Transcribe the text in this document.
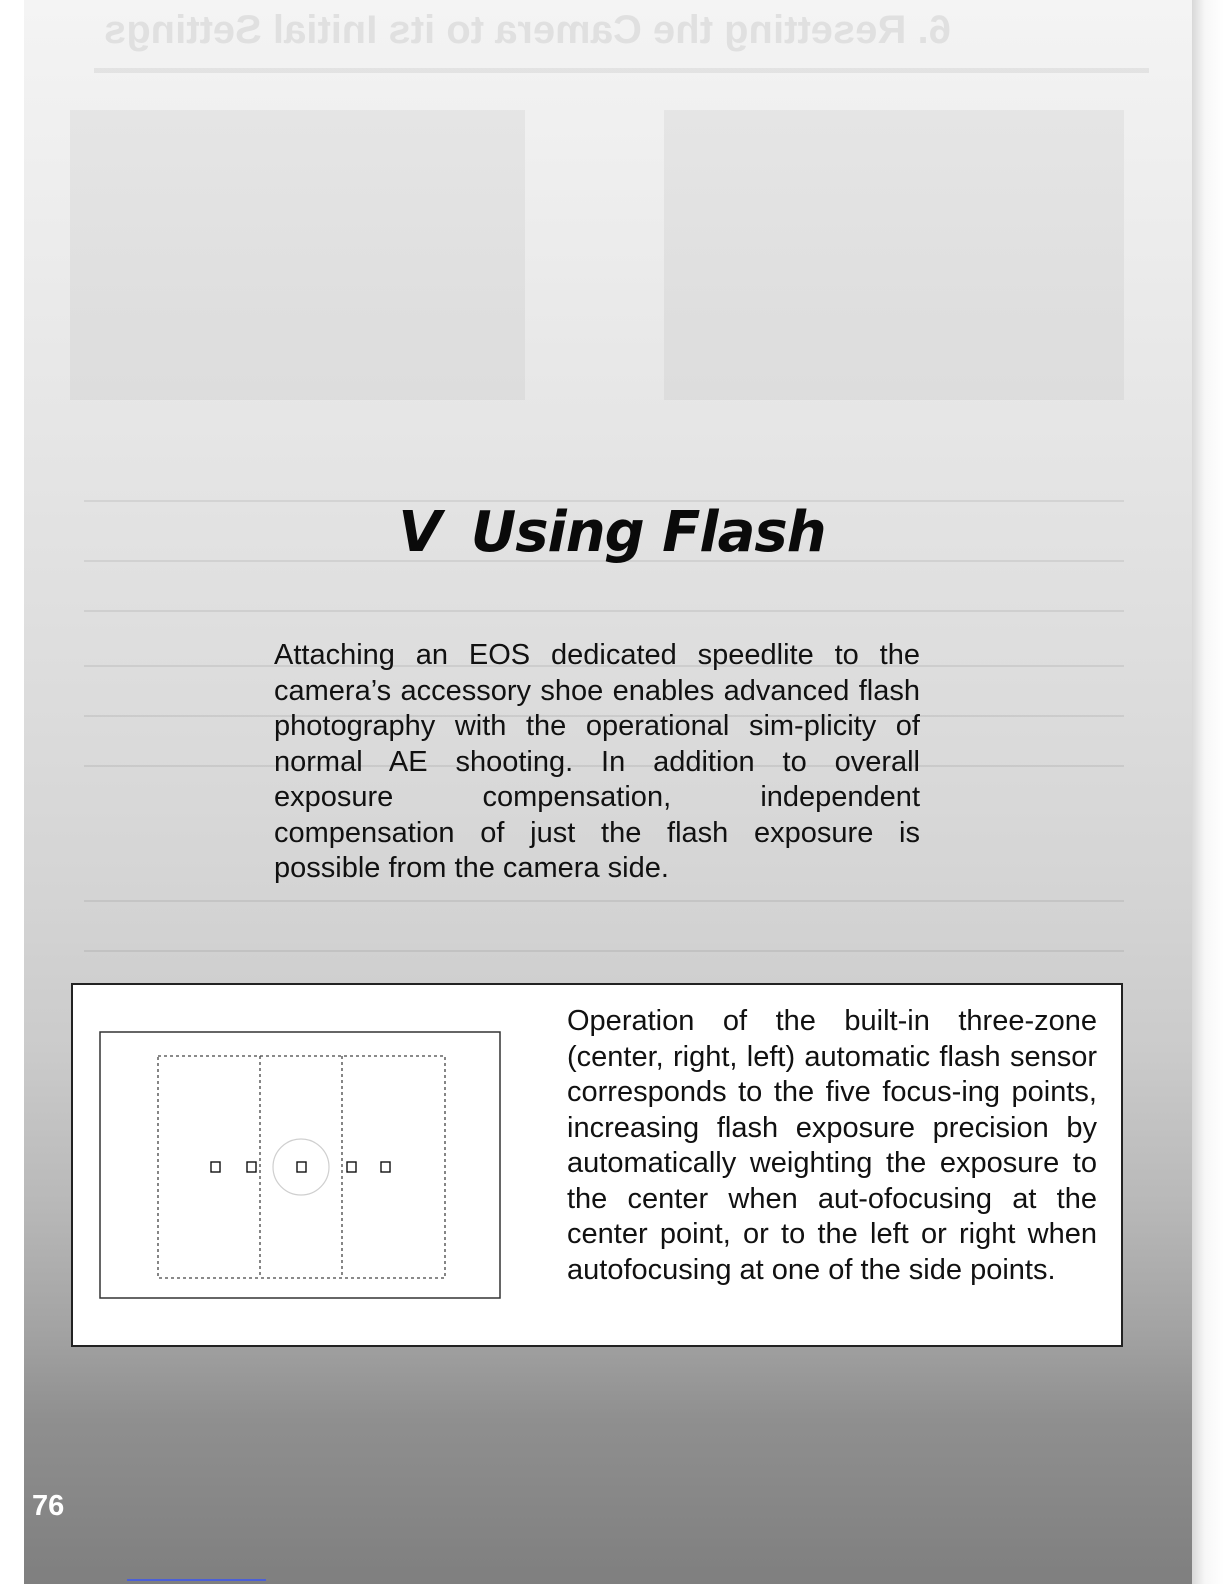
6. Resetting the Camera to its Initial Settings
V Using Flash

Attaching an EOS dedicated speedlite to the camera’s accessory shoe enables advanced flash photography with the operational sim-plicity of normal AE shooting. In addition to overall exposure compensation, independent compensation of just the flash exposure is possible from the camera side.

Operation of the built-in three-zone (center, right, left) automatic flash sensor corresponds to the five focus-ing points, increasing flash exposure precision by automatically weighting the exposure to the center when aut-ofocusing at the center point, or to the left or right when autofocusing at one of the side points.

76
